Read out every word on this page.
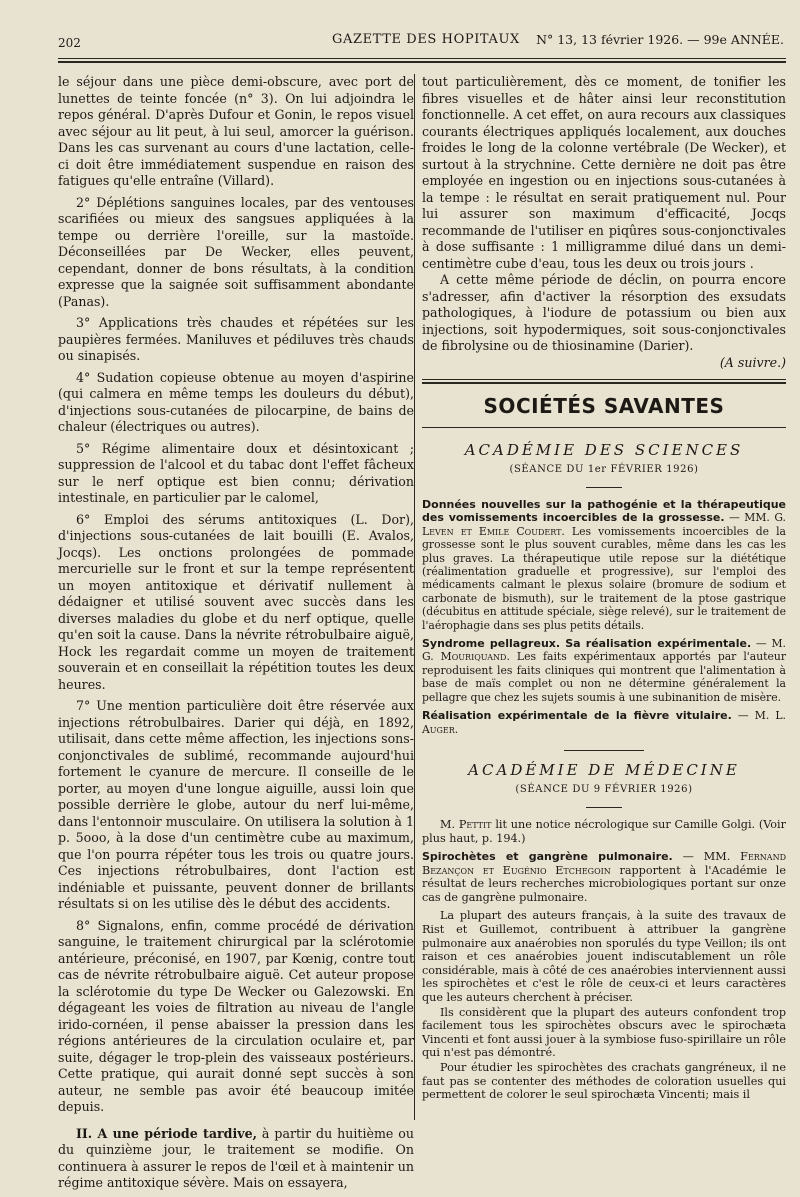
202	GAZETTE DES HOPITAUX N° 13, 13 février 1926. — 99e ANNÉE.

le séjour dans une pièce demi-obscure, avec port de lunettes de teinte foncée (n° 3). On lui adjoindra le repos général. D'après Dufour et Gonin, le repos visuel avec séjour au lit peut, à lui seul, amorcer la guérison. Dans les cas survenant au cours d'une lactation, celle-ci doit être immédiatement suspendue en raison des fatigues qu'elle entraîne (Villard).

2° Déplétions sanguines locales, par des ventouses scarifiées ou mieux des sangsues appliquées à la tempe ou derrière l'oreille, sur la mastoïde. Déconseillées par De Wecker, elles peuvent, cependant, donner de bons résultats, à la condition expresse que la saignée soit suffisamment abondante (Panas).

3° Applications très chaudes et répétées sur les paupières fermées. Maniluves et pédiluves très chauds ou sinapisés.

4° Sudation copieuse obtenue au moyen d'aspirine (qui calmera en même temps les douleurs du début), d'injections sous-cutanées de pilocarpine, de bains de chaleur (électriques ou autres).

5° Régime alimentaire doux et désintoxicant ; suppression de l'alcool et du tabac dont l'effet fâcheux sur le nerf optique est bien connu; dérivation intestinale, en particulier par le calomel,

6° Emploi des sérums antitoxiques (L. Dor), d'injections sous-cutanées de lait bouilli (E. Avalos, Jocqs). Les onctions prolongées de pommade mercurielle sur le front et sur la tempe représentent un moyen antitoxique et dérivatif nullement à dédaigner et utilisé souvent avec succès dans les diverses maladies du globe et du nerf optique, quelle qu'en soit la cause. Dans la névrite rétrobulbaire aiguë, Hock les regardait comme un moyen de traitement souverain et en conseillait la répétition toutes les deux heures.

7° Une mention particulière doit être réservée aux injections rétrobulbaires. Darier qui déjà, en 1892, utilisait, dans cette même affection, les injections sons-conjonctivales de sublimé, recommande aujourd'hui fortement le cyanure de mercure. Il conseille de le porter, au moyen d'une longue aiguille, aussi loin que possible derrière le globe, autour du nerf lui-même, dans l'entonnoir musculaire. On utilisera la solution à 1 p. 5ooo, à la dose d'un centimètre cube au maximum, que l'on pourra répéter tous les trois ou quatre jours. Ces injections rétrobulbaires, dont l'action est indéniable et puissante, peuvent donner de brillants résultats si on les utilise dès le début des accidents.

8° Signalons, enfin, comme procédé de dérivation sanguine, le traitement chirurgical par la sclérotomie antérieure, préconisé, en 1907, par Kœnig, contre tout cas de névrite rétrobulbaire aiguë. Cet auteur propose la sclérotomie du type De Wecker ou Galezowski. En dégageant les voies de filtration au niveau de l'angle irido-cornéen, il pense abaisser la pression dans les régions antérieures de la circulation oculaire et, par suite, dégager le trop-plein des vaisseaux postérieurs. Cette pratique, qui aurait donné sept succès à son auteur, ne semble pas avoir été beaucoup imitée depuis.

II. A une période tardive, à partir du huitième ou du quinzième jour, le traitement se modifie. On continuera à assurer le repos de l'œil et à maintenir un régime antitoxique sévère. Mais on essayera,

tout particulièrement, dès ce moment, de tonifier les fibres visuelles et de hâter ainsi leur reconstitution fonctionnelle. A cet effet, on aura recours aux classiques courants électriques appliqués localement, aux douches froides le long de la colonne vertébrale (De Wecker), et surtout à la strychnine. Cette dernière ne doit pas être employée en ingestion ou en injections sous-cutanées à la tempe : le résultat en serait pratiquement nul. Pour lui assurer son maximum d'efficacité, Jocqs recommande de l'utiliser en piqûres sous-conjonctivales à dose suffisante : 1 milligramme dilué dans un demi-centimètre cube d'eau, tous les deux ou trois jours .

A cette même période de déclin, on pourra encore s'adresser, afin d'activer la résorption des exsudats pathologiques, à l'iodure de potassium ou bien aux injections, soit hypodermiques, soit sous-conjonctivales de fibrolysine ou de thiosinamine (Darier).

(A suivre.)

SOCIÉTÉS SAVANTES

ACADÉMIE DES SCIENCES

(SÉANCE DU 1er FÉVRIER 1926)

Données nouvelles sur la pathogénie et la thérapeutique des vomissements incoercibles de la grossesse. — MM. G. Leven et Emile Coudert. Les vomissements incoercibles de la grossesse sont le plus souvent curables, même dans les cas les plus graves. La thérapeutique utile repose sur la diététique (réalimentation graduelle et progressive), sur l'emploi des médicaments calmant le plexus solaire (bromure de sodium et carbonate de bismuth), sur le traitement de la ptose gastrique (décubitus en attitude spéciale, siège relevé), sur le traitement de l'aérophagie dans ses plus petits détails.

Syndrome pellagreux. Sa réalisation expérimentale. — M. G. Mouriquand. Les faits expérimentaux apportés par l'auteur reproduisent les faits cliniques qui montrent que l'alimentation à base de maïs complet ou non ne détermine généralement la pellagre que chez les sujets soumis à une subinanition de misère.

Réalisation expérimentale de la fièvre vitulaire. — M. L. Auger.

ACADÉMIE DE MÉDECINE

(SÉANCE DU 9 FÉVRIER 1926)

M. Pettit lit une notice nécrologique sur Camille Golgi. (Voir plus haut, p. 194.)

Spirochètes et gangrène pulmonaire. — MM. Fernand Bezançon et Eugénio Etchegoin rapportent à l'Académie le résultat de leurs recherches microbiologiques portant sur onze cas de gangrène pulmonaire.

La plupart des auteurs français, à la suite des travaux de Rist et Guillemot, contribuent à attribuer la gangrène pulmonaire aux anaérobies non sporulés du type Veillon; ils ont raison et ces anaérobies jouent indiscutablement un rôle considérable, mais à côté de ces anaérobies interviennent aussi les spirochètes et c'est le rôle de ceux-ci et leurs caractères que les auteurs cherchent à préciser.

Ils considèrent que la plupart des auteurs confondent trop facilement tous les spirochètes obscurs avec le spirochæta Vincenti et font aussi jouer à la symbiose fuso-spirillaire un rôle qui n'est pas démontré.

Pour étudier les spirochètes des crachats gangréneux, il ne faut pas se contenter des méthodes de coloration usuelles qui permettent de colorer le seul spirochæta Vincenti; mais il
